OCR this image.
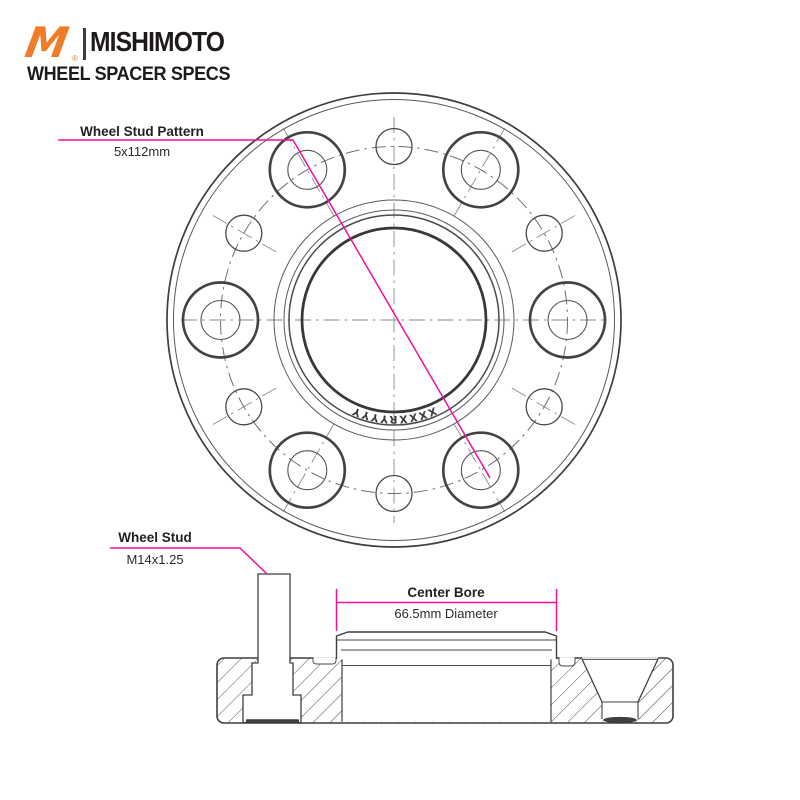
M ®
MISHIMOTO
WHEEL SPACER SPECS
XXXXRYYYY
Wheel Stud Pattern
5x112mm
Wheel Stud
M14x1.25
Center Bore
66.5mm Diameter
